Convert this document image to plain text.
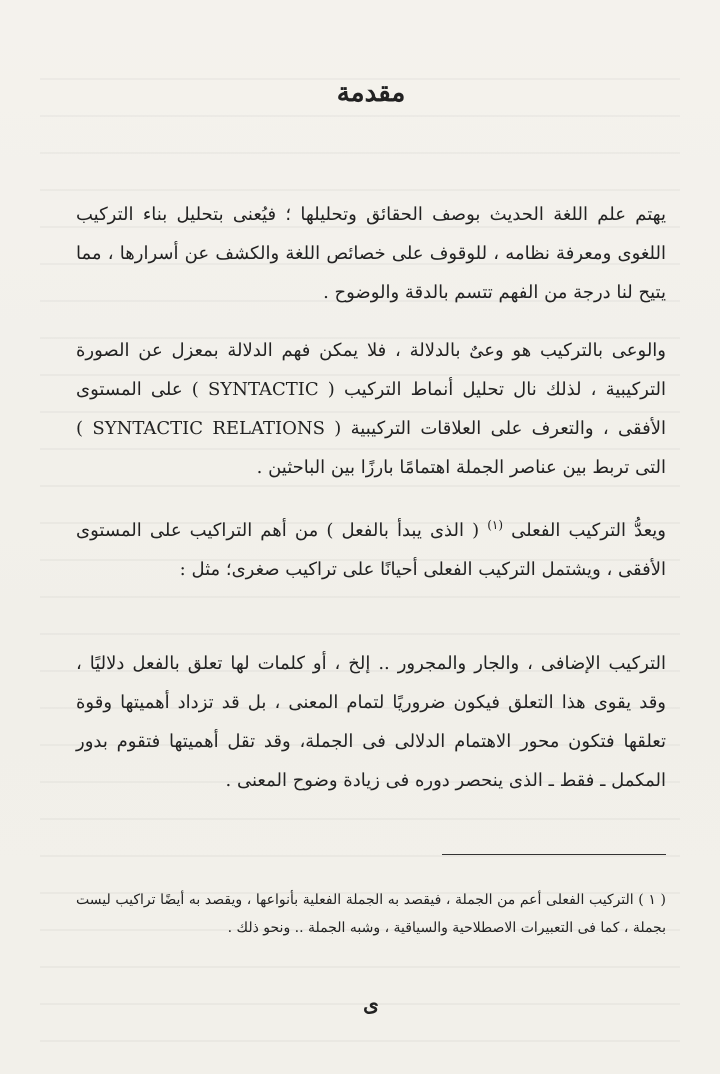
مقدمة

يهتم علم اللغة الحديث بوصف الحقائق وتحليلها ؛ فيُعنى بتحليل بناء التركيب اللغوى ومعرفة نظامه ، للوقوف على خصائص اللغة والكشف عن أسرارها ، مما يتيح لنا درجة من الفهم تتسم بالدقة والوضوح .

والوعى بالتركيب هو وعىٌ بالدلالة ، فلا يمكن فهم الدلالة بمعزل عن الصورة التركيبية ، لذلك نال تحليل أنماط التركيب ( SYNTACTIC ) على المستوى الأفقى ، والتعرف على العلاقات التركيبية ( SYNTACTIC RELATIONS ) التى تربط بين عناصر الجملة اهتمامًا بارزًا بين الباحثين .

ويعدُّ التركيب الفعلى $^{(١)}$ ( الذى يبدأ بالفعل ) من أهم التراكيب على المستوى الأفقى ، ويشتمل التركيب الفعلى أحيانًا على تراكيب صغرى؛ مثل :

التركيب الإضافى ، والجار والمجرور .. إلخ ، أو كلمات لها تعلق بالفعل دلاليًا ، وقد يقوى هذا التعلق فيكون ضروريًا لتمام المعنى ، بل قد تزداد أهميتها وقوة تعلقها فتكون محور الاهتمام الدلالى فى الجملة، وقد تقل أهميتها فتقوم بدور المكمل ـ فقط ـ الذى ينحصر دوره فى زيادة وضوح المعنى .

( ١ ) التركيب الفعلى أعم من الجملة ، فيقصد به الجملة الفعلية بأنواعها ، ويقصد به أيضًا تراكيب ليست بجملة ، كما فى التعبيرات الاصطلاحية والسياقية ، وشبه الجملة .. ونحو ذلك .

ى
